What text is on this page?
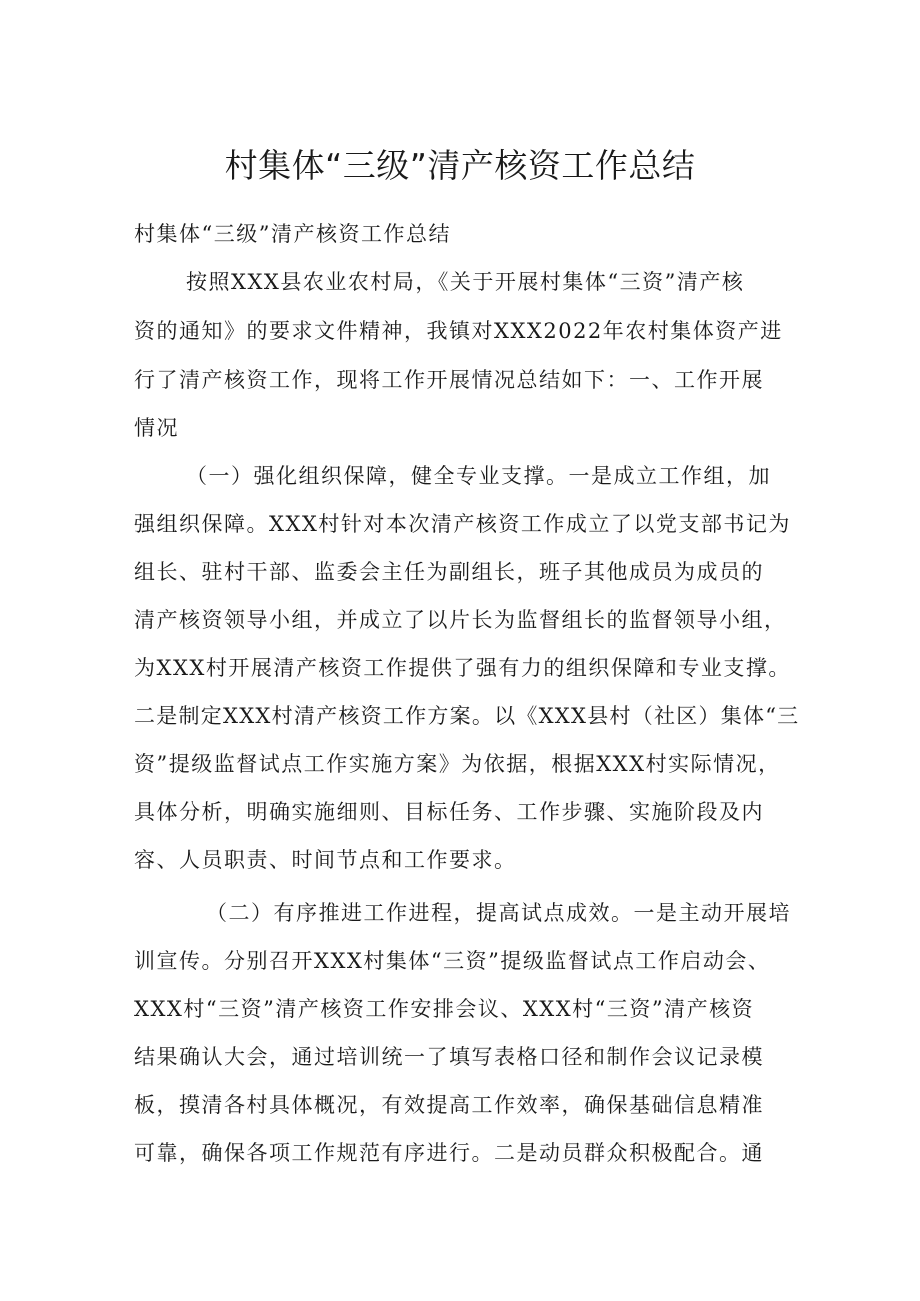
村集体“三级”清产核资工作总结
村集体“三级”清产核资工作总结
按照XXX县农业农村局，《关于开展村集体“三资”清产核
资的通知》的要求文件精神，我镇对XXX2022年农村集体资产进
行了清产核资工作，现将工作开展情况总结如下：一、工作开展
情况
（一）强化组织保障，健全专业支撑。一是成立工作组，加
强组织保障。XXX村针对本次清产核资工作成立了以党支部书记为
组长、驻村干部、监委会主任为副组长，班子其他成员为成员的
清产核资领导小组，并成立了以片长为监督组长的监督领导小组，
为XXX村开展清产核资工作提供了强有力的组织保障和专业支撑。
二是制定XXX村清产核资工作方案。以《XXX县村（社区）集体“三
资”提级监督试点工作实施方案》为依据，根据XXX村实际情况，
具体分析，明确实施细则、目标任务、工作步骤、实施阶段及内
容、人员职责、时间节点和工作要求。
（二）有序推进工作进程，提高试点成效。一是主动开展培
训宣传。分别召开XXX村集体“三资”提级监督试点工作启动会、
XXX村“三资”清产核资工作安排会议、XXX村“三资”清产核资
结果确认大会，通过培训统一了填写表格口径和制作会议记录模
板，摸清各村具体概况，有效提高工作效率，确保基础信息精准
可靠，确保各项工作规范有序进行。二是动员群众积极配合。通
